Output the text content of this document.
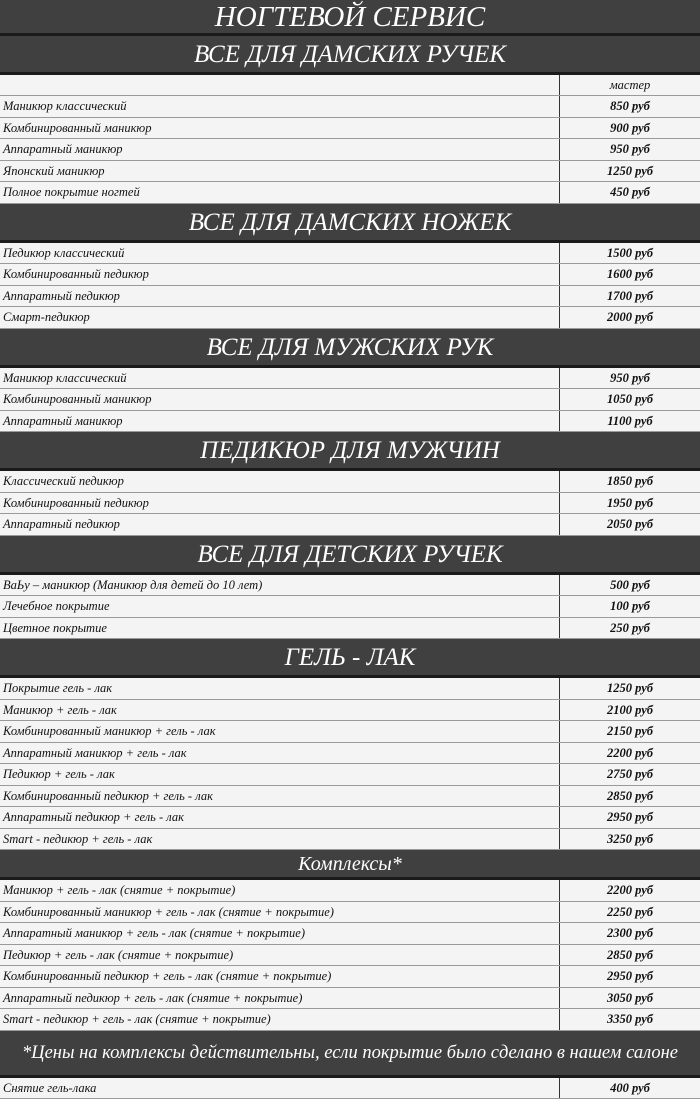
НОГТЕВОЙ СЕРВИС
ВСЕ ДЛЯ ДАМСКИХ РУЧЕК
мастер
Маникюр классический	850 руб
Комбинированный маникюр	900 руб
Аппаратный маникюр	950 руб
Японский маникюр	1250 руб
Полное покрытие ногтей	450 руб
ВСЕ ДЛЯ ДАМСКИХ НОЖЕК
Педикюр классический	1500 руб
Комбинированный педикюр	1600 руб
Аппаратный педикюр	1700 руб
Смарт-педикюр	2000 руб
ВСЕ ДЛЯ МУЖСКИХ РУК
Маникюр классический	950 руб
Комбинированный маникюр	1050 руб
Аппаратный маникюр	1100 руб
ПЕДИКЮР ДЛЯ МУЖЧИН
Классический педикюр	1850 руб
Комбинированный педикюр	1950 руб
Аппаратный педикюр	2050 руб
ВСЕ ДЛЯ ДЕТСКИХ РУЧЕК
BaЬy – маникюр (Маникюр для детей до 10 лет)	500 руб
Лечебное покрытие	100 руб
Цветное покрытие	250 руб
ГЕЛЬ - ЛАК
Покрытие гель - лак	1250 руб
Маникюр + гель - лак	2100 руб
Комбинированный маникюр + гель - лак	2150 руб
Аппаратный маникюр + гель - лак	2200 руб
Педикюр + гель - лак	2750 руб
Комбинированный педикюр + гель - лак	2850 руб
Аппаратный педикюр + гель - лак	2950 руб
Smart - педикюр + гель - лак	3250 руб
Комплексы*
Маникюр + гель - лак (снятие + покрытие)	2200 руб
Комбинированный маникюр + гель - лак (снятие + покрытие)	2250 руб
Аппаратный маникюр + гель - лак (снятие + покрытие)	2300 руб
Педикюр + гель - лак (снятие + покрытие)	2850 руб
Комбинированный педикюр + гель - лак (снятие + покрытие)	2950 руб
Аппаратный педикюр + гель - лак (снятие + покрытие)	3050 руб
Smart - педикюр + гель - лак (снятие + покрытие)	3350 руб
*Цены на комплексы действительны, если покрытие было сделано в нашем салоне
Снятие гель-лака	400 руб
